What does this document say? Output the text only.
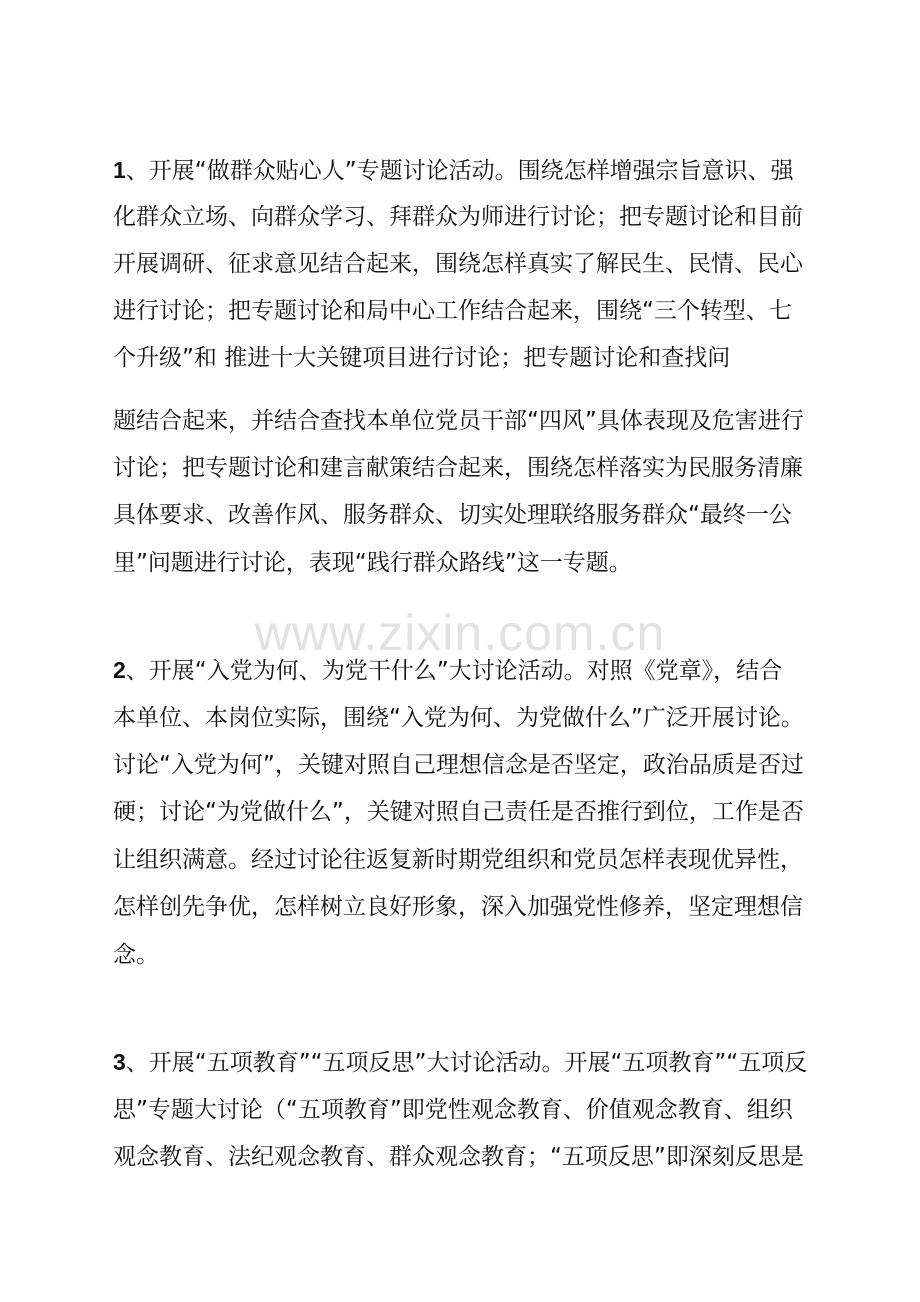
www.zixin.com.cn
1、开展“做群众贴心人”专题讨论活动。围绕怎样增强宗旨意识、强
化群众立场、向群众学习、拜群众为师进行讨论；把专题讨论和目前
开展调研、征求意见结合起来，围绕怎样真实了解民生、民情、民心
进行讨论；把专题讨论和局中心工作结合起来，围绕“三个转型、七
个升级”和 推进十大关键项目进行讨论；把专题讨论和查找问
题结合起来，并结合查找本单位党员干部“四风”具体表现及危害进行
讨论；把专题讨论和建言献策结合起来，围绕怎样落实为民服务清廉
具体要求、改善作风、服务群众、切实处理联络服务群众“最终一公
里”问题进行讨论，表现“践行群众路线”这一专题。
2、开展“入党为何、为党干什么”大讨论活动。对照《党章》，结合
本单位、本岗位实际，围绕“入党为何、为党做什么”广泛开展讨论。
讨论“入党为何”，关键对照自己理想信念是否坚定，政治品质是否过
硬；讨论“为党做什么”，关键对照自己责任是否推行到位，工作是否
让组织满意。经过讨论往返复新时期党组织和党员怎样表现优异性，
怎样创先争优，怎样树立良好形象，深入加强党性修养，坚定理想信
念。
3、开展“五项教育”“五项反思”大讨论活动。开展“五项教育”“五项反
思”专题大讨论（“五项教育”即党性观念教育、价值观念教育、组织
观念教育、法纪观念教育、群众观念教育；“五项反思”即深刻反思是
